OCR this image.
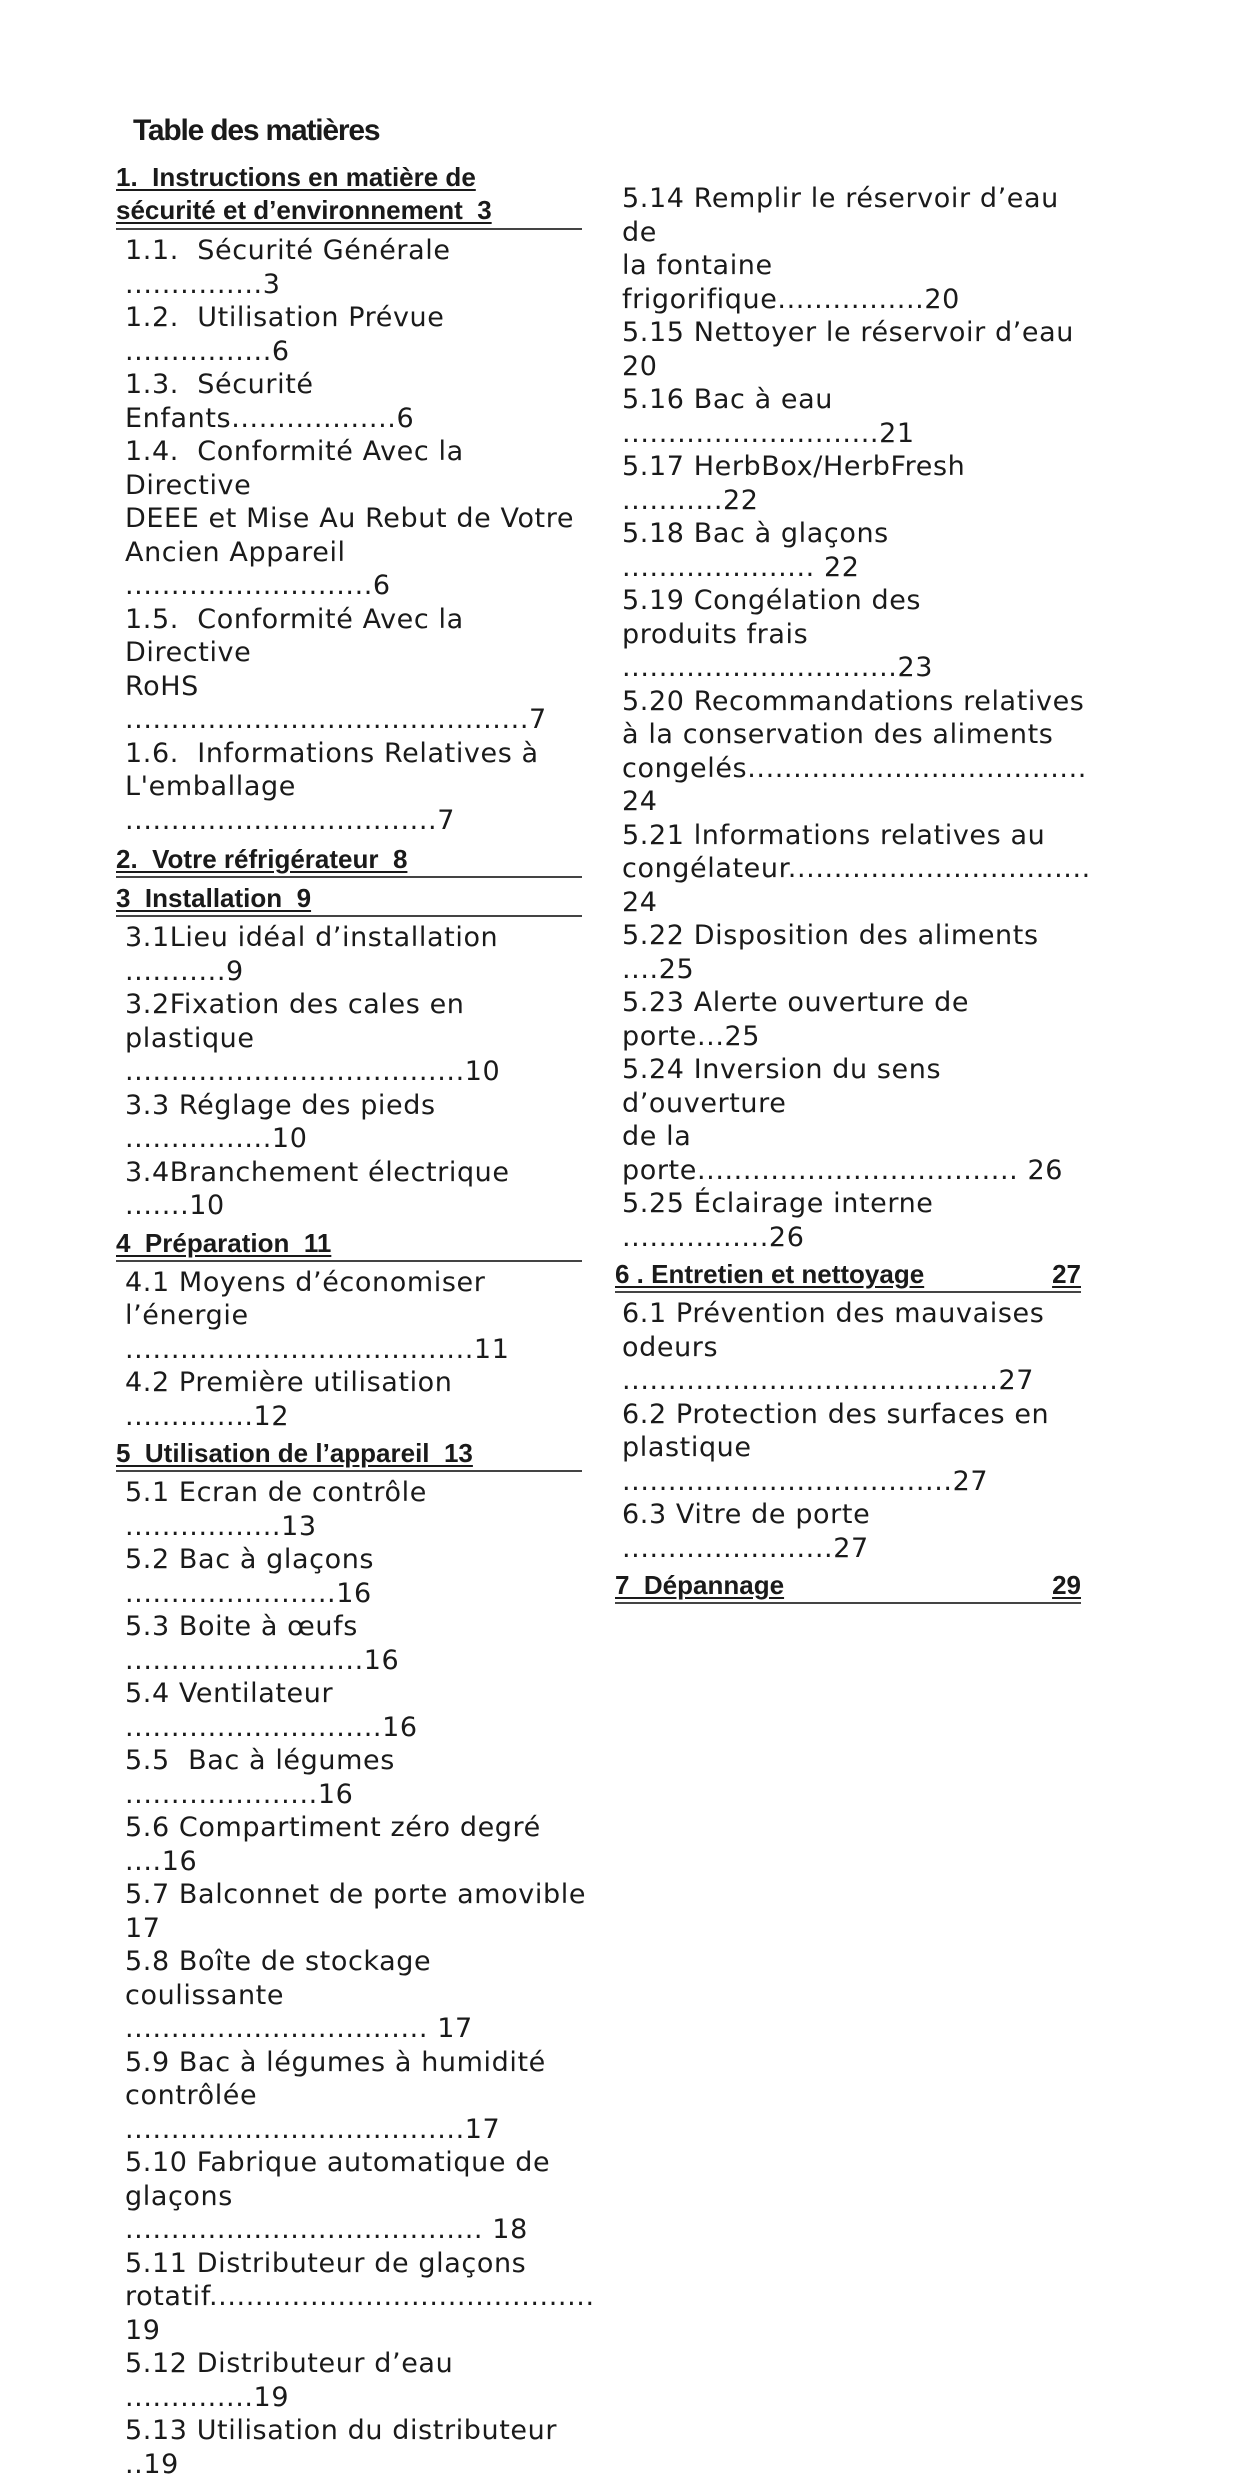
Table des matières
1.  Instructions en matière de
sécurité et d’environnement  3
1.1.  Sécurité Générale ...............3
1.2.  Utilisation Prévue ................6
1.3.  Sécurité Enfants..................6
1.4.  Conformité Avec la Directive
DEEE et Mise Au Rebut de Votre
Ancien Appareil  ...........................6
1.5.  Conformité Avec la Directive
RoHS  ............................................7
1.6.  Informations Relatives à
L'emballage ..................................7
2.  Votre réfrigérateur  8
3  Installation  9
3.1Lieu idéal d’installation ...........9
3.2Fixation des cales en
plastique .....................................10
3.3 Réglage des pieds ................10
3.4Branchement électrique .......10
4  Préparation  11
4.1 Moyens d’économiser
l’énergie ......................................11
4.2 Première utilisation ..............12
5  Utilisation de l’appareil  13
5.1 Ecran de contrôle .................13
5.2 Bac à glaçons  .......................16
5.3 Boite à œufs ..........................16
5.4 Ventilateur ............................16
5.5  Bac à légumes .....................16
5.6 Compartiment zéro degré ....16
5.7 Balconnet de porte amovible 17
5.8 Boîte de stockage
coulissante ................................. 17
5.9 Bac à légumes à humidité
contrôlée .....................................17
5.10 Fabrique automatique de
glaçons ....................................... 18
5.11 Distributeur de glaçons
rotatif.......................................... 19
5.12 Distributeur d’eau ..............19
5.13 Utilisation du distributeur ..19
5.14 Remplir le réservoir d’eau de
la fontaine frigorifique................20
5.15 Nettoyer le réservoir d’eau  20
5.16 Bac à eau ............................21
5.17 HerbBox/HerbFresh ...........22
5.18 Bac à glaçons  ..................... 22
5.19 Congélation des
produits frais ..............................23
5.20 Recommandations relatives
à la conservation des aliments
congelés..................................... 24
5.21 lnformations relatives au
congélateur................................. 24
5.22 Disposition des aliments ....25
5.23 Alerte ouverture de porte...25
5.24 Inversion du sens d’ouverture
de la porte................................... 26
5.25 Éclairage interne ................26
6 . Entretien et nettoyage	27
6.1 Prévention des mauvaises
odeurs .........................................27
6.2 Protection des surfaces en
plastique  ....................................27
6.3 Vitre de porte  .......................27
7  Dépannage	29
